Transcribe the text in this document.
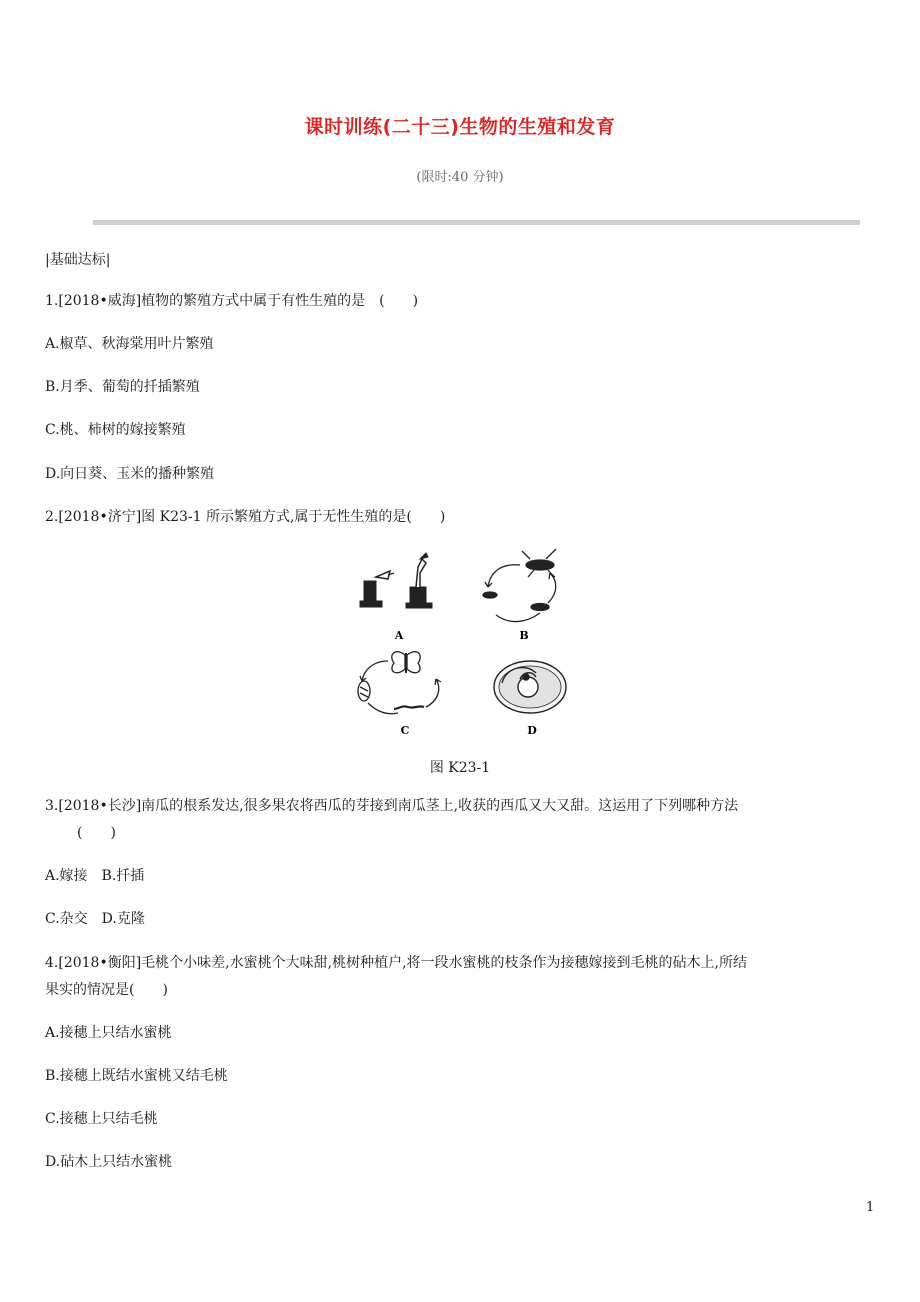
课时训练(二十三)生物的生殖和发育
(限时:40 分钟)
|基础达标|
1.[2018•威海]植物的繁殖方式中属于有性生殖的是　(　　)
A.椒草、秋海棠用叶片繁殖
B.月季、葡萄的扦插繁殖
C.桃、柿树的嫁接繁殖
D.向日葵、玉米的播种繁殖
2.[2018•济宁]图 K23-1 所示繁殖方式,属于无性生殖的是(　　)
A	B
C	D
图 K23-1
3.[2018•长沙]南瓜的根系发达,很多果农将西瓜的芽接到南瓜茎上,收获的西瓜又大又甜。这运用了下列哪种方法
(　　)
A.嫁接　B.扦插
C.杂交　D.克隆
4.[2018•衡阳]毛桃个小味差,水蜜桃个大味甜,桃树种植户,将一段水蜜桃的枝条作为接穗嫁接到毛桃的砧木上,所结
果实的情况是(　　)
A.接穗上只结水蜜桃
B.接穗上既结水蜜桃又结毛桃
C.接穗上只结毛桃
D.砧木上只结水蜜桃
1
